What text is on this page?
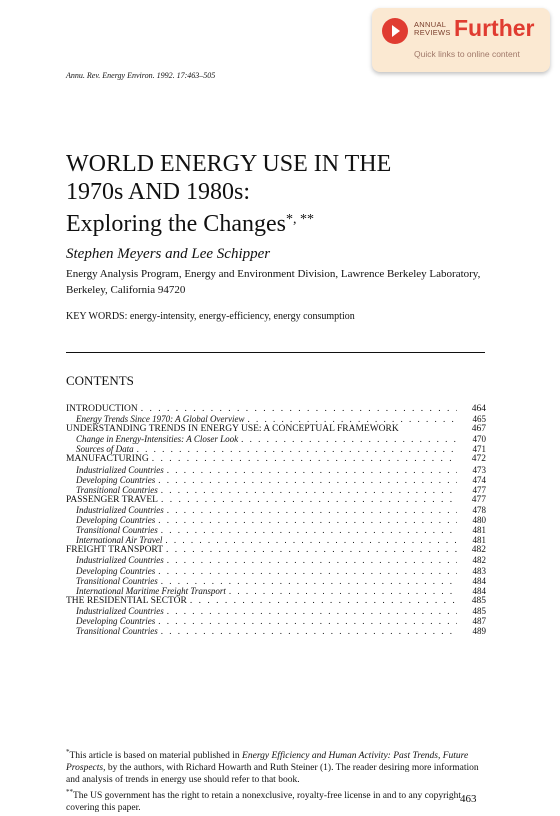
ANNUAL
REVIEWS Further
Quick links to online content
Annu. Rev. Energy Environ. 1992. 17:463–505
WORLD ENERGY USE IN THE
1970s AND 1980s:
Exploring the Changes*, **
Stephen Meyers and Lee Schipper
Energy Analysis Program, Energy and Environment Division, Lawrence Berkeley Laboratory, Berkeley, California 94720
KEY WORDS: energy-intensity, energy-efficiency, energy consumption
CONTENTS
INTRODUCTION . . .	464
Energy Trends Since 1970: A Global Overview . . .	465
UNDERSTANDING TRENDS IN ENERGY USE: A CONCEPTUAL FRAMEWORK	467
Change in Energy-Intensities: A Closer Look . . .	470
Sources of Data . . .	471
MANUFACTURING . . .	472
Industrialized Countries . . .	473
Developing Countries . . .	474
Transitional Countries . . .	477
PASSENGER TRAVEL . . .	477
Industrialized Countries . . .	478
Developing Countries . . .	480
Transitional Countries . . .	481
International Air Travel . . .	481
FREIGHT TRANSPORT . . .	482
Industrialized Countries . . .	482
Developing Countries . . .	483
Transitional Countries . . .	484
International Maritime Freight Transport . . .	484
THE RESIDENTIAL SECTOR . . .	485
Industrialized Countries . . .	485
Developing Countries . . .	487
Transitional Countries . . .	489

*This article is based on material published in Energy Efficiency and Human Activity: Past Trends, Future Prospects, by the authors, with Richard Howarth and Ruth Steiner (1). The reader desiring more information and analysis of trends in energy use should refer to that book.

**The US government has the right to retain a nonexclusive, royalty-free license in and to any copyright covering this paper.

463
